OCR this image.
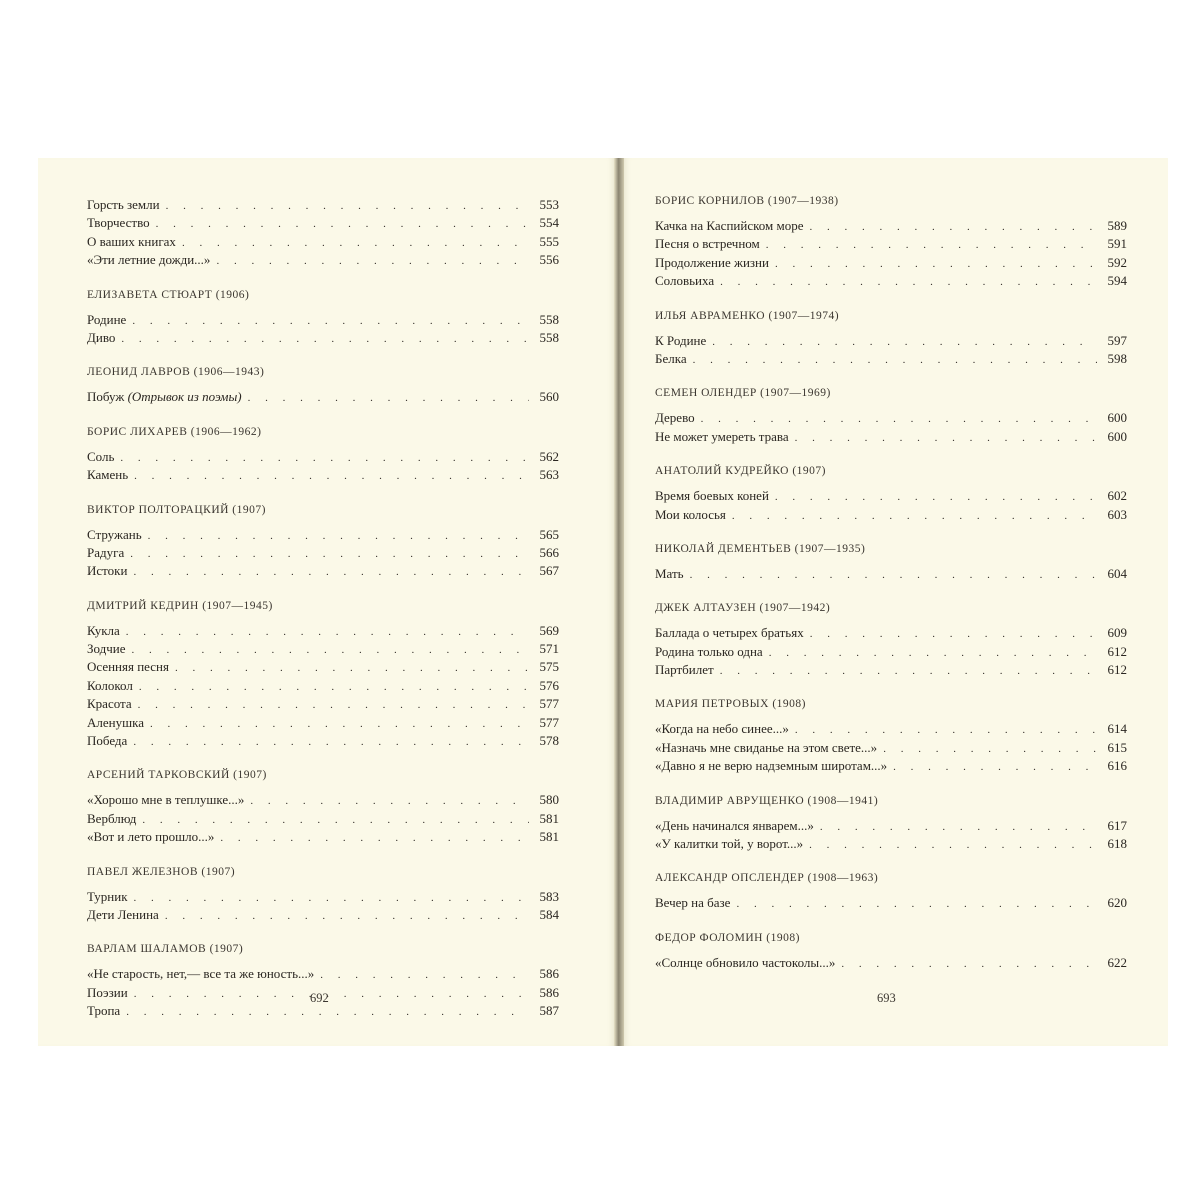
Горсть земли . . .	553
Творчество . . .	554
О ваших книгах . . .	555
«Эти летние дожди...» . . .	556
ЕЛИЗАВЕТА СТЮАРТ (1906)
Родине . . .	558
Диво . . .	558
ЛЕОНИД ЛАВРОВ (1906—1943)
Побуж (Отрывок из поэмы) . . .	560
БОРИС ЛИХАРЕВ (1906—1962)
Соль . . .	562
Камень . . .	563
ВИКТОР ПОЛТОРАЦКИЙ (1907)
Стружань . . .	565
Радуга . . .	566
Истоки . . .	567
ДМИТРИЙ КЕДРИН (1907—1945)
Кукла . . .	569
Зодчие . . .	571
Осенняя песня . . .	575
Колокол . . .	576
Красота . . .	577
Аленушка . . .	577
Победа . . .	578
АРСЕНИЙ ТАРКОВСКИЙ (1907)
«Хорошо мне в теплушке...» . . .	580
Верблюд . . .	581
«Вот и лето прошло...» . . .	581
ПАВЕЛ ЖЕЛЕЗНОВ (1907)
Турник . . .	583
Дети Ленина . . .	584
ВАРЛАМ ШАЛАМОВ (1907)
«Не старость, нет,— все та же юность...» . . .	586
Поэзии . . .	586
Тропа . . .	587
БОРИС КОРНИЛОВ (1907—1938)
Качка на Каспийском море . . .	589
Песня о встречном . . .	591
Продолжение жизни . . .	592
Соловьиха . . .	594
ИЛЬЯ АВРАМЕНКО (1907—1974)
К Родине . . .	597
Белка . . .	598
СЕМЕН ОЛЕНДЕР (1907—1969)
Дерево . . .	600
Не может умереть трава . . .	600
АНАТОЛИЙ КУДРЕЙКО (1907)
Время боевых коней . . .	602
Мои колосья . . .	603
НИКОЛАЙ ДЕМЕНТЬЕВ (1907—1935)
Мать . . .	604
ДЖЕК АЛТАУЗЕН (1907—1942)
Баллада о четырех братьях . . .	609
Родина только одна . . .	612
Партбилет . . .	612
МАРИЯ ПЕТРОВЫХ (1908)
«Когда на небо синее...» . . .	614
«Назначь мне свиданье на этом свете...» . . .	615
«Давно я не верю надземным широтам...» . . .	616
ВЛАДИМИР АВРУЩЕНКО (1908—1941)
«День начинался январем...» . . .	617
«У калитки той, у ворот...» . . .	618
АЛЕКСАНДР ОПСЛЕНДЕР (1908—1963)
Вечер на базе . . .	620
ФЕДОР ФОЛОМИН (1908)
«Солнце обновило частоколы...» . . .	622
692	693
